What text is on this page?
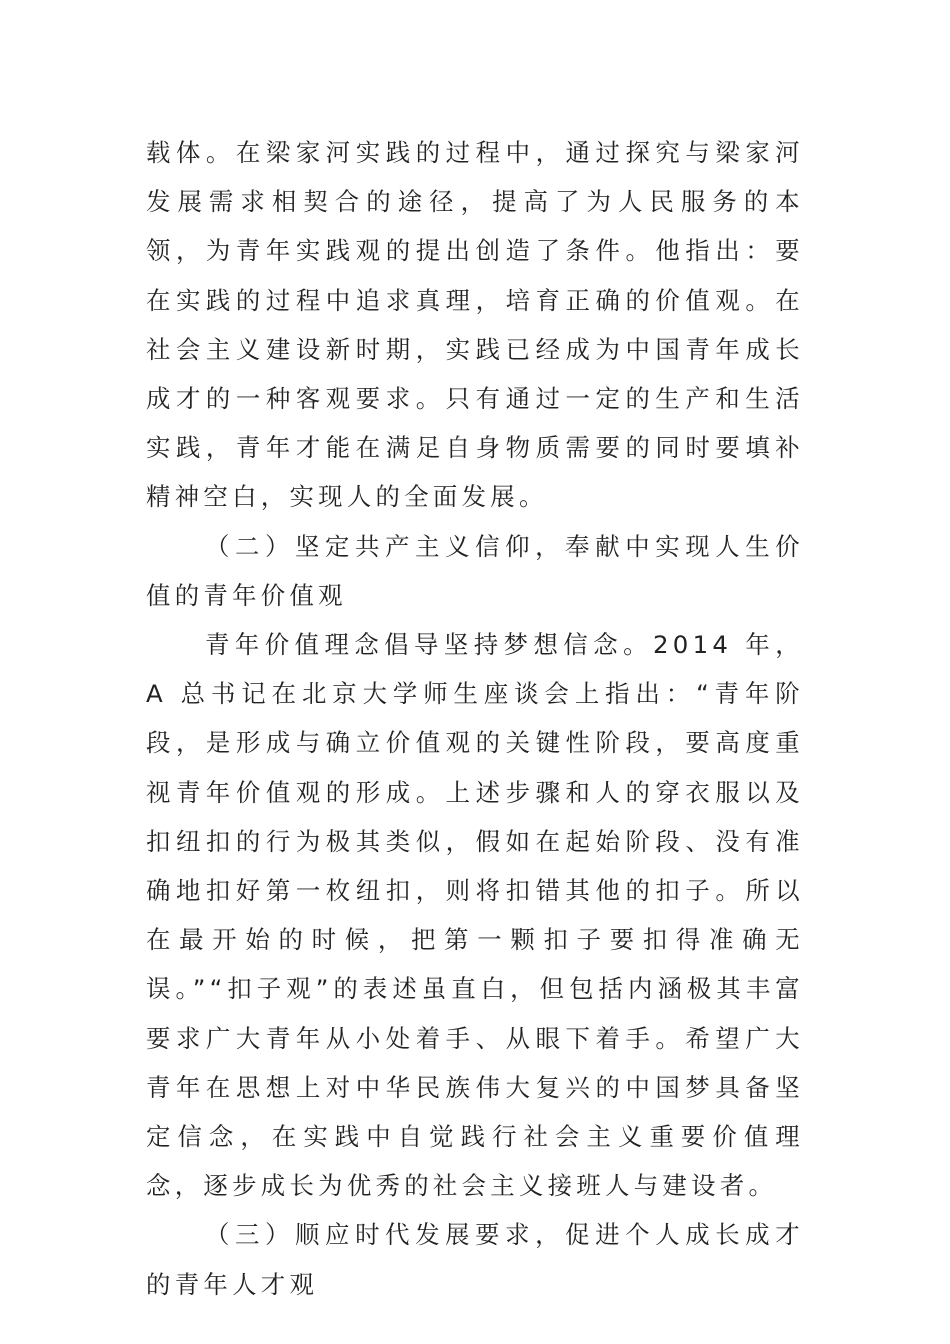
载体。在梁家河实践的过程中，通过探究与梁家河发展需求相契合的途径，提高了为人民服务的本领，为青年实践观的提出创造了条件。他指出：要在实践的过程中追求真理，培育正确的价值观。在社会主义建设新时期，实践已经成为中国青年成长成才的一种客观要求。只有通过一定的生产和生活实践，青年才能在满足自身物质需要的同时要填补精神空白，实现人的全面发展。

（二）坚定共产主义信仰，奉献中实现人生价值的青年价值观

青年价值理念倡导坚持梦想信念。2014 年，A 总书记在北京大学师生座谈会上指出：“青年阶段，是形成与确立价值观的关键性阶段，要高度重视青年价值观的形成。上述步骤和人的穿衣服以及扣纽扣的行为极其类似，假如在起始阶段、没有准确地扣好第一枚纽扣，则将扣错其他的扣子。所以在最开始的时候，把第一颗扣子要扣得准确无误。”“扣子观”的表述虽直白，但包括内涵极其丰富要求广大青年从小处着手、从眼下着手。希望广大青年在思想上对中华民族伟大复兴的中国梦具备坚定信念，在实践中自觉践行社会主义重要价值理念，逐步成长为优秀的社会主义接班人与建设者。

（三）顺应时代发展要求，促进个人成长成才的青年人才观
